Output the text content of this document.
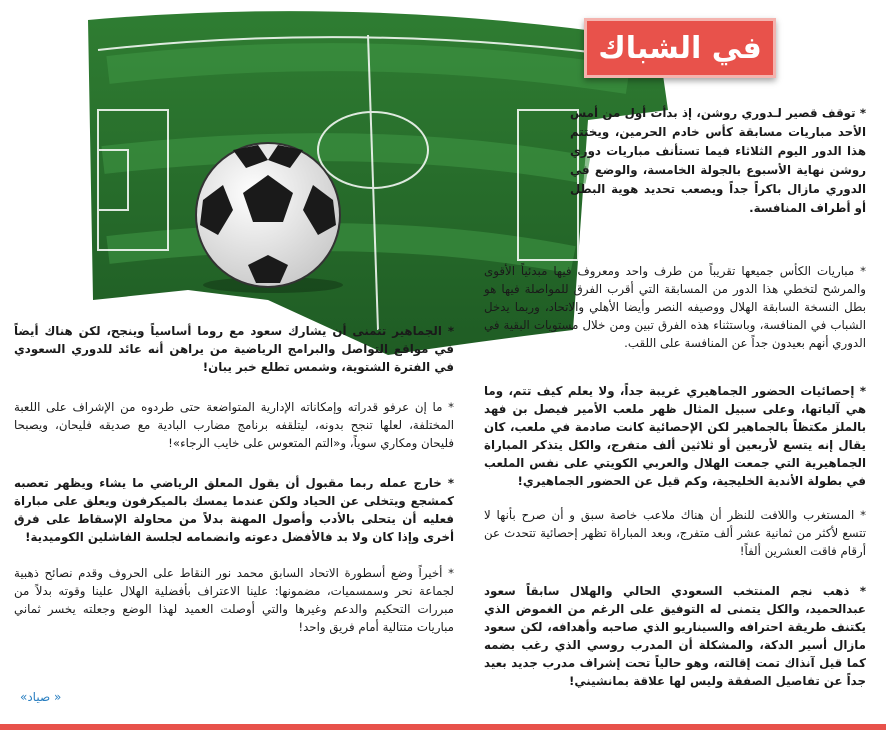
في الشباك
* توقف قصير لـدوري روشن، إذ بدأت أول من أمس الأحد مباريات مسابقة كأس خادم الحرمين، ويختتم هذا الدور اليوم الثلاثاء فيما تستأنف مباريات دوري روشن نهاية الأسبوع بالجولة الخامسة، والوضع في الدوري مازال باكراً جداً ويصعب تحديد هوية البطل أو أطراف المنافسة.

* مباريات الكأس جميعها تقريباً من طرف واحد ومعروف فيها مبدئياً الأقوى والمرشح لتخطي هذا الدور من المسابقة التي أقرب الفرق للمواصلة فيها هو بطل النسخة السابقة الهلال ووصيفه النصر وأيضا الأهلي والاتحاد، وربما يدخل الشباب في المنافسة، وباستثناء هذه الفرق تبين ومن خلال مستويات البقية في الدوري أنهم بعيدون جداً عن المنافسة على اللقب.

* إحصائيات الحضور الجماهيري غريبة جداً، ولا يعلم كيف تتم، وما هي آلياتها، وعلى سبيل المثال ظهر ملعب الأمير فيصل بن فهد بالملز مكتظاً بالجماهير لكن الإحصائية كانت صادمة في ملعب، كان يقال إنه يتسع لأربعين أو ثلاثين ألف متفرج، والكل يتذكر المباراة الجماهيرية التي جمعت الهلال والعربي الكويتي على نفس الملعب في بطولة الأندية الخليجية، وكم قيل عن الحضور الجماهيري!

* المستغرب واللافت للنظر أن هناك ملاعب خاصة سبق و أن صرح بأنها لا تتسع لأكثر من ثمانية عشر ألف متفرج، وبعد المباراة تظهر إحصائية تتحدث عن أرقام فاقت العشرين ألفاً!

* ذهب نجم المنتخب السعودي الحالي والهلال سابقاً سعود عبدالحميد، والكل يتمنى له التوفيق على الرغم من الغموض الذي يكتنف طريقة احترافه والسيناريو الذي صاحبه وأهدافه، لكن سعود مازال أسير الدكة، والمشكلة أن المدرب روسي الذي رغب بضمه كما قيل آنذاك تمت إقالته، وهو حالياً تحت إشراف مدرب جديد بعيد جداً عن تفاصيل الصفقة وليس لها علاقة بمانشيني!

* الجماهير تتمنى أن يشارك سعود مع روما أساسياً وينجح، لكن هناك أيضاً في مواقع التواصل والبرامج الرياضية من يراهن أنه عائد للدوري السعودي في الفترة الشتوية، وشمس تطلع خبر يبان!

* ما إن عرفو قدراته وإمكاناته الإدارية المتواضعة حتى طردوه من الإشراف على اللعبة المختلفة، لعلها تنجح بدونه، ليتلقفه برنامج مضارب البادية مع صديقه فليحان، ويصبحا فليحان ومكاري سوياً، و«التم المتعوس على خايب الرجاء»!

* خارج عمله ربما مقبول أن يقول المعلق الرياضي ما يشاء ويظهر تعصبه كمشجع ويتخلى عن الحياد ولكن عندما يمسك بالميكرفون ويعلق على مباراة فعليه أن يتحلى بالأدب وأصول المهنة بدلاً من محاولة الإسقاط على فرق أخرى وإذا كان ولا بد فالأفضل دعوته وانضمامه لجلسة الفاشلين الكوميدية!

* أخيراً وضع أسطورة الاتحاد السابق محمد نور النقاط على الحروف وقدم نصائح ذهبية لجماعة نحر وسمسميات، مضمونها: علينا الاعتراف بأفضلية الهلال علينا وقوته بدلاً من مبررات التحكيم والدعم وغيرها والتي أوصلت العميد لهذا الوضع وجعلته يخسر ثماني مباريات متتالية أمام فريق واحد!

« صياد»
